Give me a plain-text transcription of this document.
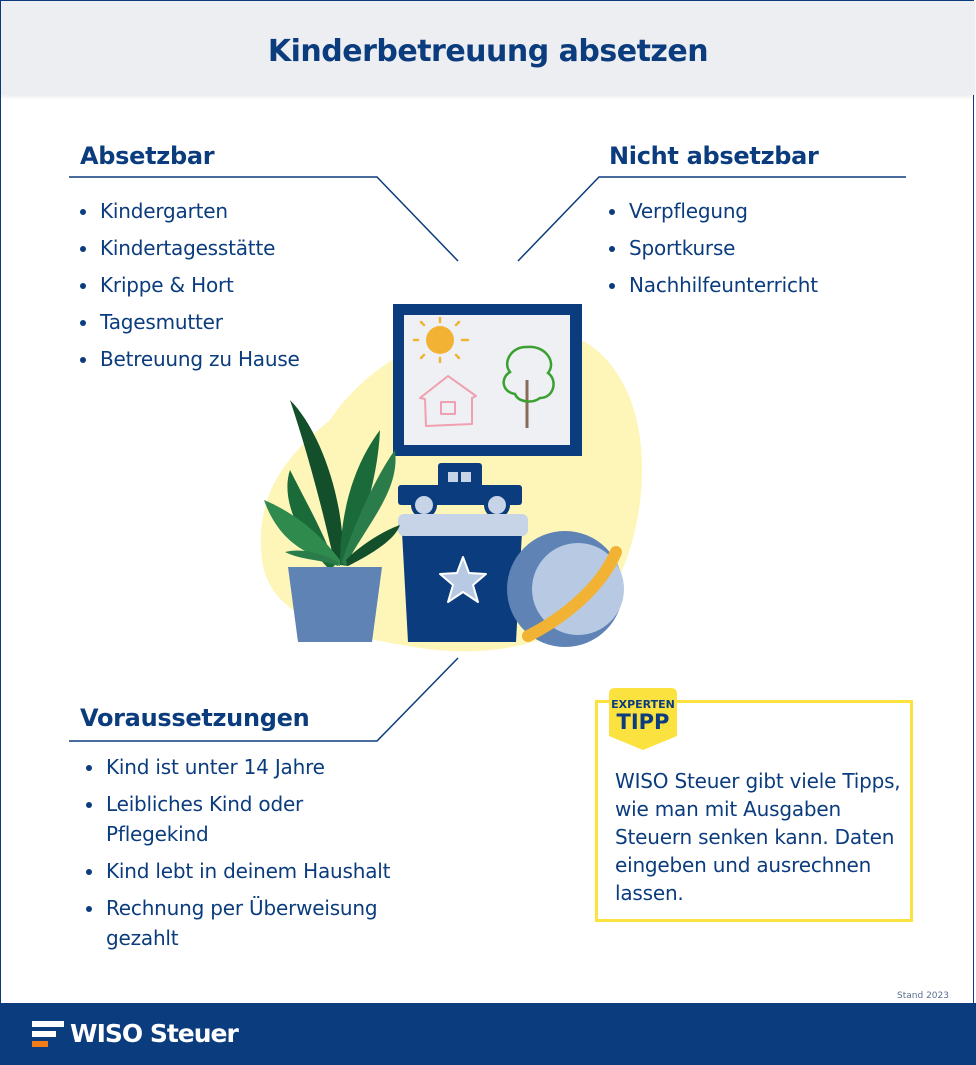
Kinderbetreuung absetzen
Absetzbar
Kindergarten
Kindertagesstätte
Krippe & Hort
Tagesmutter
Betreuung zu Hause
Nicht absetzbar
Verpflegung
Sportkurse
Nachhilfeunterricht
Voraussetzungen
Kind ist unter 14 Jahre
Leibliches Kind oder Pflegekind
Kind lebt in deinem Haushalt
Rechnung per Überweisung gezahlt
WISO Steuer gibt viele Tipps, wie man mit Ausgaben Steuern senken kann. Daten eingeben und ausrechnen lassen.
EXPERTEN
TIPP
Stand 2023
WISO Steuer
